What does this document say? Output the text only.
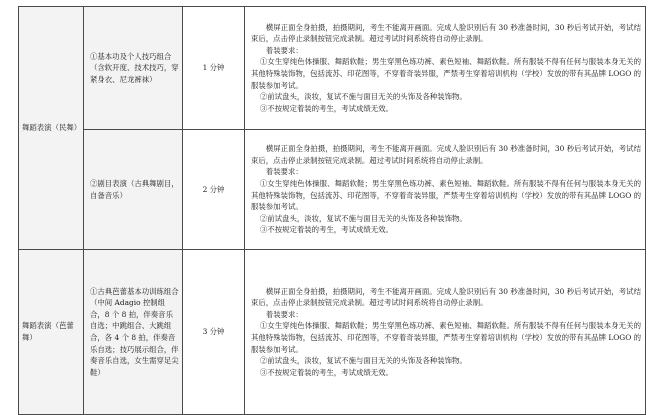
舞蹈表演（民舞）	①基本功及个人技巧组合（含软开度、技术技巧，穿紧身衣、尼龙裤袜）	1 分钟	横屏正面全身拍摄，拍摄期间，考生不能离开画面。完成人脸识别后有 30 秒准备时间，30 秒后考试开始，考试结束后，点击停止录制按钮完成录制。超过考试时间系统将自动停止录制。

着装要求：

①女生穿纯色体操服、舞蹈软鞋；男生穿黑色练功裤、素色短袖、舞蹈软鞋。所有服装不得有任何与服装本身无关的其他特殊装饰物，包括流苏、印花图等，不穿着奇装异服，严禁考生穿着培训机构（学校）发放的带有其品牌 LOGO 的服装参加考试。

②前试盘头，淡妆，复试不施与面目无关的头饰及各种装饰物。

③不按规定着装的考生，考试成绩无效。

	②剧目表演（古典舞剧目，自备音乐）	2 分钟	横屏正面全身拍摄，拍摄期间，考生不能离开画面。完成人脸识别后有 30 秒准备时间，30 秒后考试开始，考试结束后，点击停止录制按钮完成录制。超过考试时间系统将自动停止录制。

着装要求：

①女生穿纯色体操服、舞蹈软鞋；男生穿黑色练功裤、素色短袖、舞蹈软鞋。所有服装不得有任何与服装本身无关的其他特殊装饰物，包括流苏、印花图等，不穿着奇装异服，严禁考生穿着培训机构（学校）发放的带有其品牌 LOGO 的服装参加考试。

②前试盘头，淡妆，复试不施与面目无关的头饰及各种装饰物。

③不按规定着装的考生，考试成绩无效。

舞蹈表演（芭蕾舞）	①古典芭蕾基本功训练组合（中间 Adagio 控制组合，8 个 8 拍，伴奏音乐自选；中跳组合、大跳组合，各 4 个 8 拍，伴奏音乐自选；技巧展示组合，伴奏音乐自选，女生需穿足尖鞋）	3 分钟	横屏正面全身拍摄，拍摄期间，考生不能离开画面。完成人脸识别后有 30 秒准备时间，30 秒后考试开始，考试结束后，点击停止录制按钮完成录制。超过考试时间系统将自动停止录制。

着装要求：

①女生穿纯色体操服、舞蹈软鞋；男生穿黑色练功裤、素色短袖、舞蹈软鞋。所有服装不得有任何与服装本身无关的其他特殊装饰物，包括流苏、印花图等，不穿着奇装异服，严禁考生穿着培训机构（学校）发放的带有其品牌 LOGO 的服装参加考试。

②前试盘头，淡妆，复试不施与面目无关的头饰及各种装饰物。

③不按规定着装的考生，考试成绩无效。
